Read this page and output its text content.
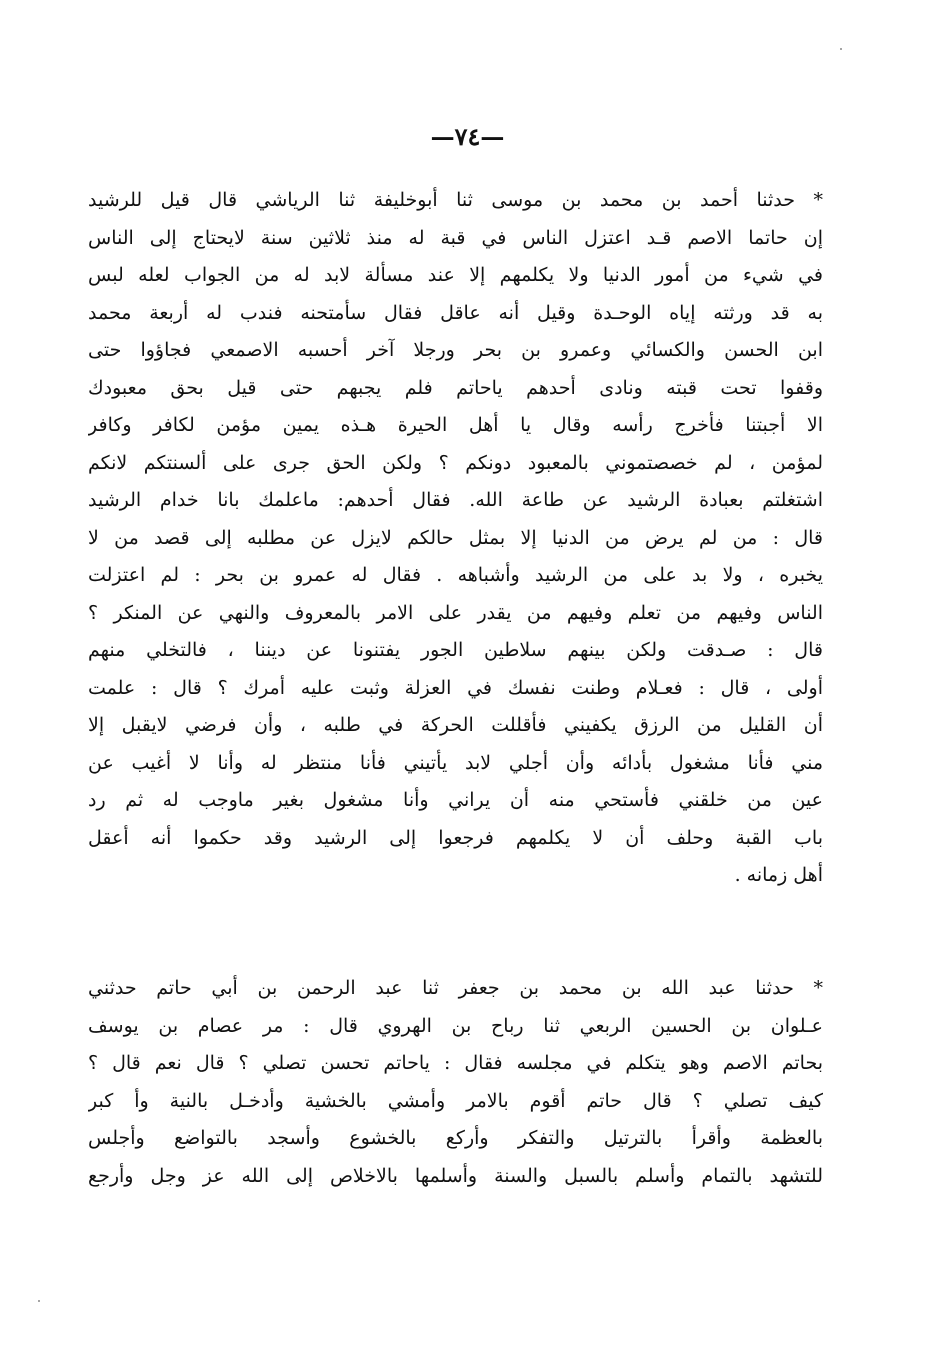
—٧٤—
* حدثنا أحمد بن محمد بن موسى ثنا أبوخليفة ثنا الرياشي قال قيل للرشيد
إن حاتما الاصم قـد اعتزل الناس في قبة له منذ ثلاثين سنة لايحتاج إلى الناس
في شيء من أمور الدنيا ولا يكلمهم إلا عند مسألة لابد له من الجواب لعله لبس
به قد ورثته إياه الوحـدة وقيل أنه عاقل فقال سأمتحنه فندب له أربعة محمد
ابن الحسن والكسائي وعمرو بن بحر ورجلا آخر أحسبه الاصمعي فجاؤوا حتى
وقفوا تحت قبته ونادى أحدهم ياحاتم فلم يجبهم حتى قيل بحق معبودك
الا أجبتنا فأخرج رأسه وقال يا أهل الحيرة هـذه يمين مؤمن لكافر وكافر
لمؤمن ، لم خصصتموني بالمعبود دونكم ؟ ولكن الحق جرى على ألسنتكم لانكم
اشتغلتم بعبادة الرشيد عن طاعة الله. فقال أحدهم: ماعلمك بانا خدام الرشيد
قال : من لم يرض من الدنيا إلا بمثل حالكم لايزل عن مطلبه إلى قصد من لا
يخبره ، ولا بد على من الرشيد وأشباهه . فقال له عمرو بن بحر : لم اعتزلت
الناس وفيهم من تعلم وفيهم من يقدر على الامر بالمعروف والنهي عن المنكر ؟
قال : صـدقت ولكن بينهم سلاطين الجور يفتنونا عن ديننا ، فالتخلي منهم
أولى ، قال : فعـلام وطنت نفسك في العزلة وثبت عليه أمرك ؟ قال : علمت
أن القليل من الرزق يكفيني فأقللت الحركة في طلبه ، وأن فرضي لايقبل إلا
مني فأنا مشغول بأدائه وأن أجلي لابد يأتيني فأنا منتظر له وأنا لا أغيب عن
عين من خلقني فأستحي منه أن يراني وأنا مشغول بغير ماوجب له ثم رد
باب القبة وحلف أن لا يكلمهم فرجعوا إلى الرشيد وقد حكموا أنه أعقل
أهل زمانه .
* حدثنا عبد الله بن محمد بن جعفر ثنا عبد الرحمن بن أبي حاتم حدثني
عـلوان بن الحسين الربعي ثنا رباح بن الهروي قال : مر عصام بن يوسف
بحاتم الاصم وهو يتكلم في مجلسه فقال : ياحاتم تحسن تصلي ؟ قال نعم قال ؟
كيف تصلي ؟ قال حاتم أقوم بالامر وأمشي بالخشية وأدخـل بالنية وأ كبر
بالعظمة وأقرأ بالترتيل والتفكر وأركع بالخشوع وأسجد بالتواضع وأجلس
للتشهد بالتمام وأسلم بالسبل والسنة وأسلمها بالاخلاص إلى الله عز وجل وأرجع
